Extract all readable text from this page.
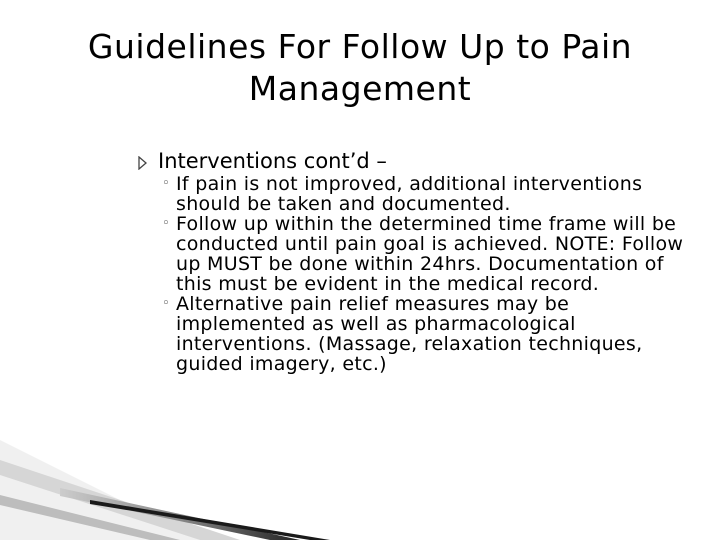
Guidelines For Follow Up to Pain Management
Interventions cont’d –
◦ If pain is not improved, additional interventions should be taken and documented.
◦ Follow up within the determined time frame will be conducted until pain goal is achieved. NOTE: Follow up MUST be done within 24hrs. Documentation of this must be evident in the medical record.
◦ Alternative pain relief measures may be implemented as well as pharmacological interventions. (Massage, relaxation techniques, guided imagery, etc.)
